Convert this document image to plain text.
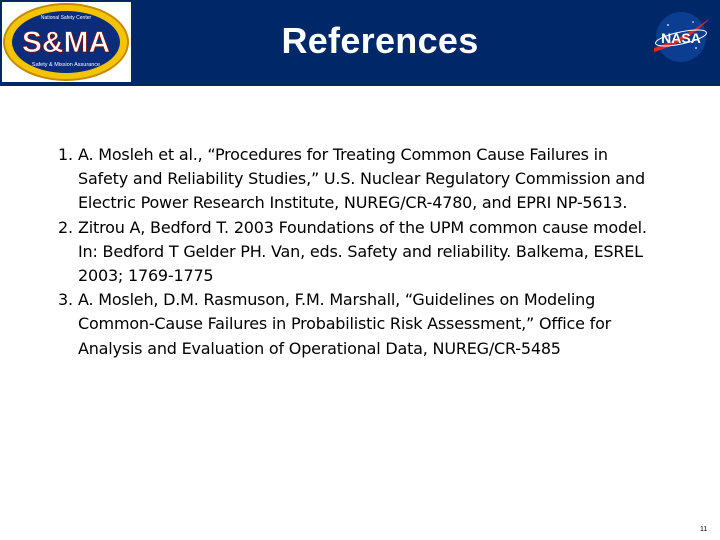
National Safety Center
S&MA
Safety & Mission Assurance
References	NASA
1. A. Mosleh et al., “Procedures for Treating Common Cause Failures in Safety and Reliability Studies,” U.S. Nuclear Regulatory Commission and Electric Power Research Institute, NUREG/CR-4780, and EPRI NP-5613.
2. Zitrou A, Bedford T. 2003 Foundations of the UPM common cause model. In: Bedford T Gelder PH. Van, eds. Safety and reliability. Balkema, ESREL 2003; 1769-1775
3. A. Mosleh, D.M. Rasmuson, F.M. Marshall, “Guidelines on Modeling Common-Cause Failures in Probabilistic Risk Assessment,” Office for Analysis and Evaluation of Operational Data, NUREG/CR-5485
11
